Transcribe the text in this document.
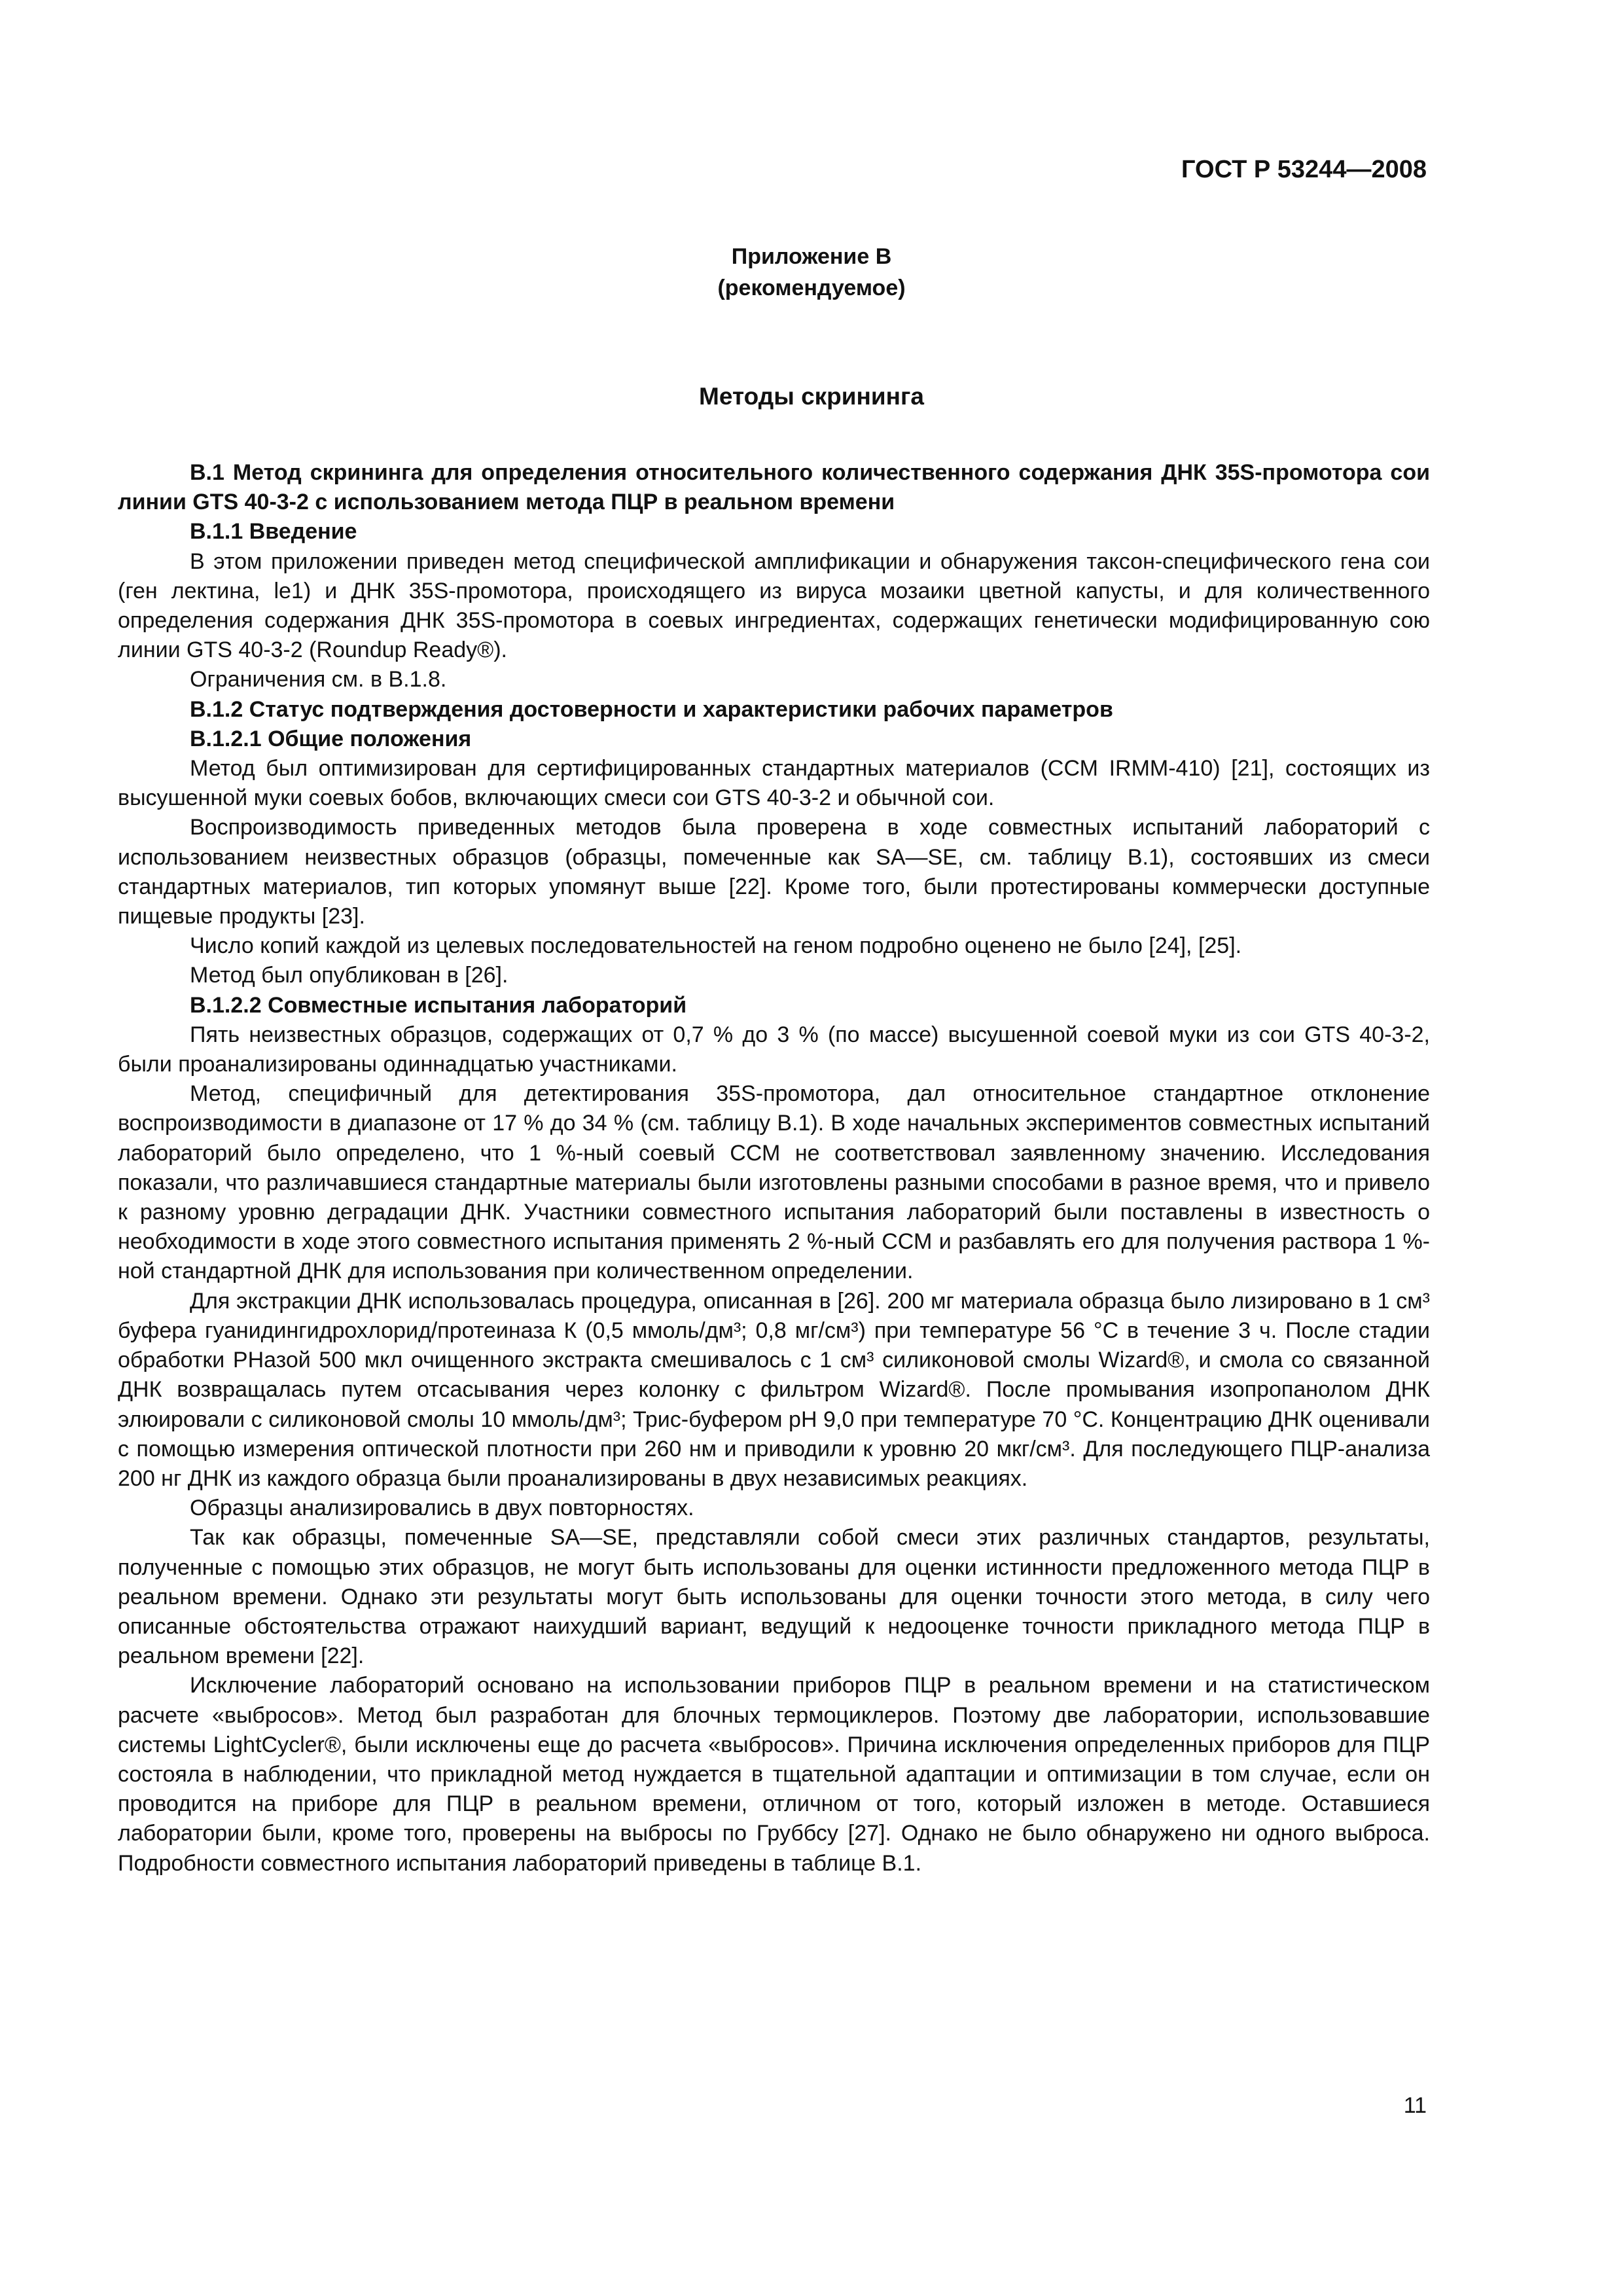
ГОСТ Р 53244—2008

Приложение В
(рекомендуемое)
Методы скрининга
В.1 Метод скрининга для определения относительного количественного содержания ДНК 35S-промотора сои линии GTS 40-3-2 с использованием метода ПЦР в реальном времени
В.1.1 Введение

В этом приложении приведен метод специфической амплификации и обнаружения таксон-специфического гена сои (ген лектина, le1) и ДНК 35S-промотора, происходящего из вируса мозаики цветной капусты, и для количественного определения содержания ДНК 35S-промотора в соевых ингредиентах, содержащих генетически модифицированную сою линии GTS 40-3-2 (Roundup Ready®).

Ограничения см. в В.1.8.

В.1.2 Статус подтверждения достоверности и характеристики рабочих параметров
В.1.2.1 Общие положения

Метод был оптимизирован для сертифицированных стандартных материалов (ССМ IRMM-410) [21], состоящих из высушенной муки соевых бобов, включающих смеси сои GTS 40-3-2 и обычной сои.

Воспроизводимость приведенных методов была проверена в ходе совместных испытаний лабораторий с использованием неизвестных образцов (образцы, помеченные как SA—SE, см. таблицу В.1), состоявших из смеси стандартных материалов, тип которых упомянут выше [22]. Кроме того, были протестированы коммерчески доступные пищевые продукты [23].

Число копий каждой из целевых последовательностей на геном подробно оценено не было [24], [25].

Метод был опубликован в [26].

В.1.2.2 Совместные испытания лабораторий

Пять неизвестных образцов, содержащих от 0,7 % до 3 % (по массе) высушенной соевой муки из сои GTS 40-3-2, были проанализированы одиннадцатью участниками.

Метод, специфичный для детектирования 35S-промотора, дал относительное стандартное отклонение воспроизводимости в диапазоне от 17 % до 34 % (см. таблицу В.1). В ходе начальных экспериментов совместных испытаний лабораторий было определено, что 1 %-ный соевый ССМ не соответствовал заявленному значению. Исследования показали, что различавшиеся стандартные материалы были изготовлены разными способами в разное время, что и привело к разному уровню деградации ДНК. Участники совместного испытания лабораторий были поставлены в известность о необходимости в ходе этого совместного испытания применять 2 %-ный ССМ и разбавлять его для получения раствора 1 %-ной стандартной ДНК для использования при количественном определении.

Для экстракции ДНК использовалась процедура, описанная в [26]. 200 мг материала образца было лизировано в 1 см³ буфера гуанидингидрохлорид/протеиназа К (0,5 ммоль/дм³; 0,8 мг/см³) при температуре 56 °С в течение 3 ч. После стадии обработки РНазой 500 мкл очищенного экстракта смешивалось с 1 см³ силиконовой смолы Wizard®, и смола со связанной ДНК возвращалась путем отсасывания через колонку с фильтром Wizard®. После промывания изопропанолом ДНК элюировали с силиконовой смолы 10 ммоль/дм³; Трис-буфером pH 9,0 при температуре 70 °С. Концентрацию ДНК оценивали с помощью измерения оптической плотности при 260 нм и приводили к уровню 20 мкг/см³. Для последующего ПЦР-анализа 200 нг ДНК из каждого образца были проанализированы в двух независимых реакциях.

Образцы анализировались в двух повторностях.

Так как образцы, помеченные SA—SE, представляли собой смеси этих различных стандартов, результаты, полученные с помощью этих образцов, не могут быть использованы для оценки истинности предложенного метода ПЦР в реальном времени. Однако эти результаты могут быть использованы для оценки точности этого метода, в силу чего описанные обстоятельства отражают наихудший вариант, ведущий к недооценке точности прикладного метода ПЦР в реальном времени [22].

Исключение лабораторий основано на использовании приборов ПЦР в реальном времени и на статистическом расчете «выбросов». Метод был разработан для блочных термоциклеров. Поэтому две лаборатории, использовавшие системы LightCycler®, были исключены еще до расчета «выбросов». Причина исключения определенных приборов для ПЦР состояла в наблюдении, что прикладной метод нуждается в тщательной адаптации и оптимизации в том случае, если он проводится на приборе для ПЦР в реальном времени, отличном от того, который изложен в методе. Оставшиеся лаборатории были, кроме того, проверены на выбросы по Груббсу [27]. Однако не было обнаружено ни одного выброса. Подробности совместного испытания лабораторий приведены в таблице В.1.

11
